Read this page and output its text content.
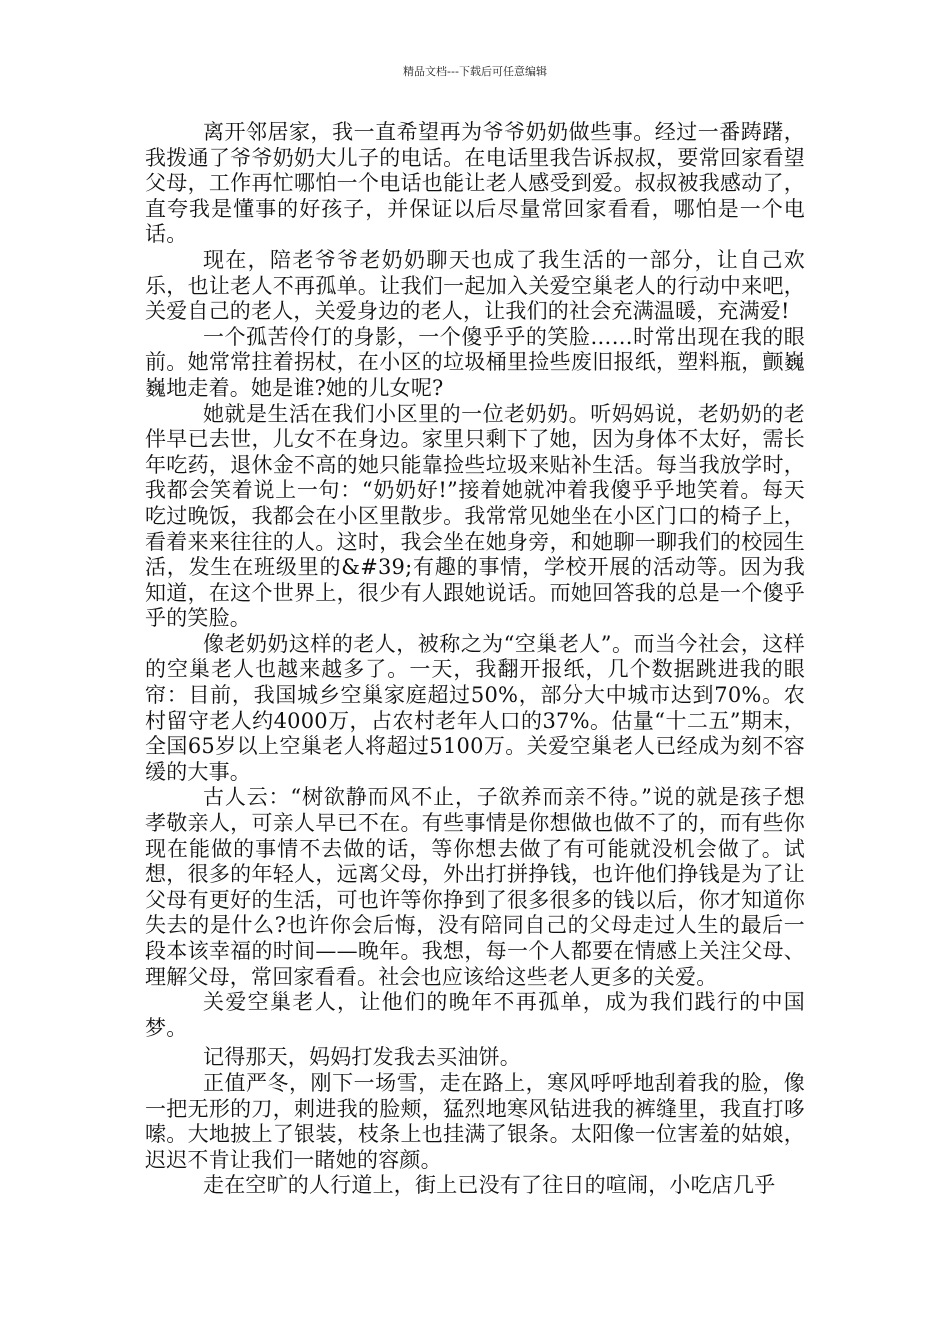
精品文档---下载后可任意编辑

离开邻居家，我一直希望再为爷爷奶奶做些事。经过一番踌躇，我拨通了爷爷奶奶大儿子的电话。在电话里我告诉叔叔，要常回家看望父母，工作再忙哪怕一个电话也能让老人感受到爱。叔叔被我感动了，直夸我是懂事的好孩子，并保证以后尽量常回家看看，哪怕是一个电话。

现在，陪老爷爷老奶奶聊天也成了我生活的一部分，让自己欢乐，也让老人不再孤单。让我们一起加入关爱空巢老人的行动中来吧，关爱自己的老人，关爱身边的老人，让我们的社会充满温暖，充满爱!

一个孤苦伶仃的身影，一个傻乎乎的笑脸……时常出现在我的眼前。她常常拄着拐杖，在小区的垃圾桶里捡些废旧报纸，塑料瓶，颤巍巍地走着。她是谁?她的儿女呢?

她就是生活在我们小区里的一位老奶奶。听妈妈说，老奶奶的老伴早已去世，儿女不在身边。家里只剩下了她，因为身体不太好，需长年吃药，退休金不高的她只能靠捡些垃圾来贴补生活。每当我放学时，我都会笑着说上一句：“奶奶好!”接着她就冲着我傻乎乎地笑着。每天吃过晚饭，我都会在小区里散步。我常常见她坐在小区门口的椅子上，看着来来往往的人。这时，我会坐在她身旁，和她聊一聊我们的校园生活，发生在班级里的&#39;有趣的事情，学校开展的活动等。因为我知道，在这个世界上，很少有人跟她说话。而她回答我的总是一个傻乎乎的笑脸。

像老奶奶这样的老人，被称之为“空巢老人”。而当今社会，这样的空巢老人也越来越多了。一天，我翻开报纸，几个数据跳进我的眼帘：目前，我国城乡空巢家庭超过50%，部分大中城市达到70%。农村留守老人约4000万，占农村老年人口的37%。估量“十二五”期末，全国65岁以上空巢老人将超过5100万。关爱空巢老人已经成为刻不容缓的大事。

古人云：“树欲静而风不止，子欲养而亲不待。”说的就是孩子想孝敬亲人，可亲人早已不在。有些事情是你想做也做不了的，而有些你现在能做的事情不去做的话，等你想去做了有可能就没机会做了。试想，很多的年轻人，远离父母，外出打拼挣钱，也许他们挣钱是为了让父母有更好的生活，可也许等你挣到了很多很多的钱以后，你才知道你失去的是什么?也许你会后悔，没有陪同自己的父母走过人生的最后一段本该幸福的时间——晚年。我想，每一个人都要在情感上关注父母、理解父母，常回家看看。社会也应该给这些老人更多的关爱。

关爱空巢老人，让他们的晚年不再孤单，成为我们践行的中国梦。

记得那天，妈妈打发我去买油饼。

正值严冬，刚下一场雪，走在路上，寒风呼呼地刮着我的脸，像一把无形的刀，刺进我的脸颊，猛烈地寒风钻进我的裤缝里，我直打哆嗦。大地披上了银装，枝条上也挂满了银条。太阳像一位害羞的姑娘，迟迟不肯让我们一睹她的容颜。

走在空旷的人行道上，街上已没有了往日的喧闹，小吃店几乎
